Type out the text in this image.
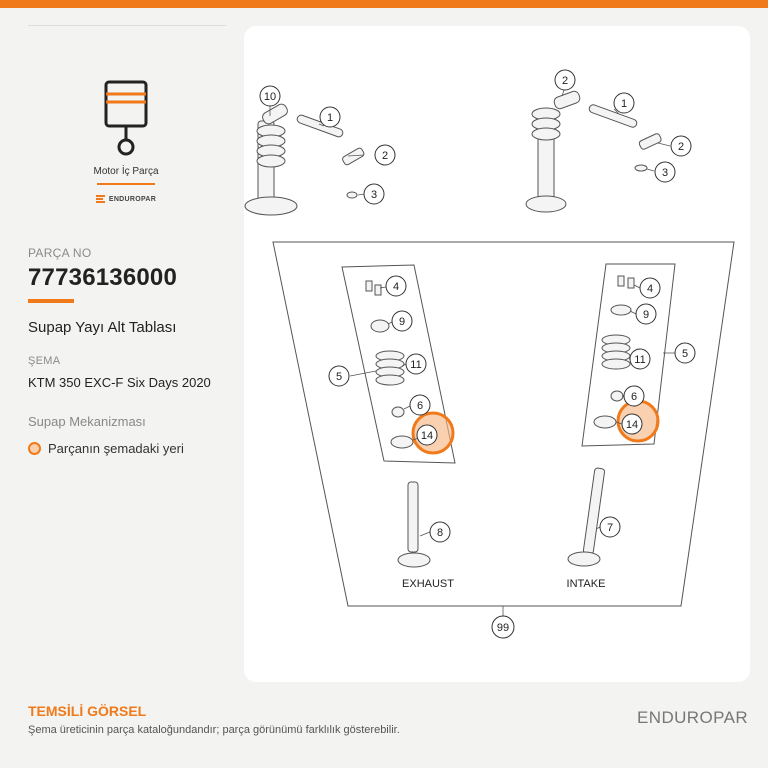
Motor İç Parça
ENDUROPAR
PARÇA NO
77736136000
Supap Yayı Alt Tablası
ŞEMA
KTM 350 EXC-F Six Days 2020
Supap Mekanizması
Parçanın şemadaki yeri
EXHAUST	INTAKE
10
1
2
3
2
1
2
3
4
9
5
11
6
14
4
9
11	5
6
14
8	7
99
TEMSİLİ GÖRSEL
Şema üreticinin parça kataloğundandır; parça görünümü farklılık gösterebilir.
ENDUROPAR
